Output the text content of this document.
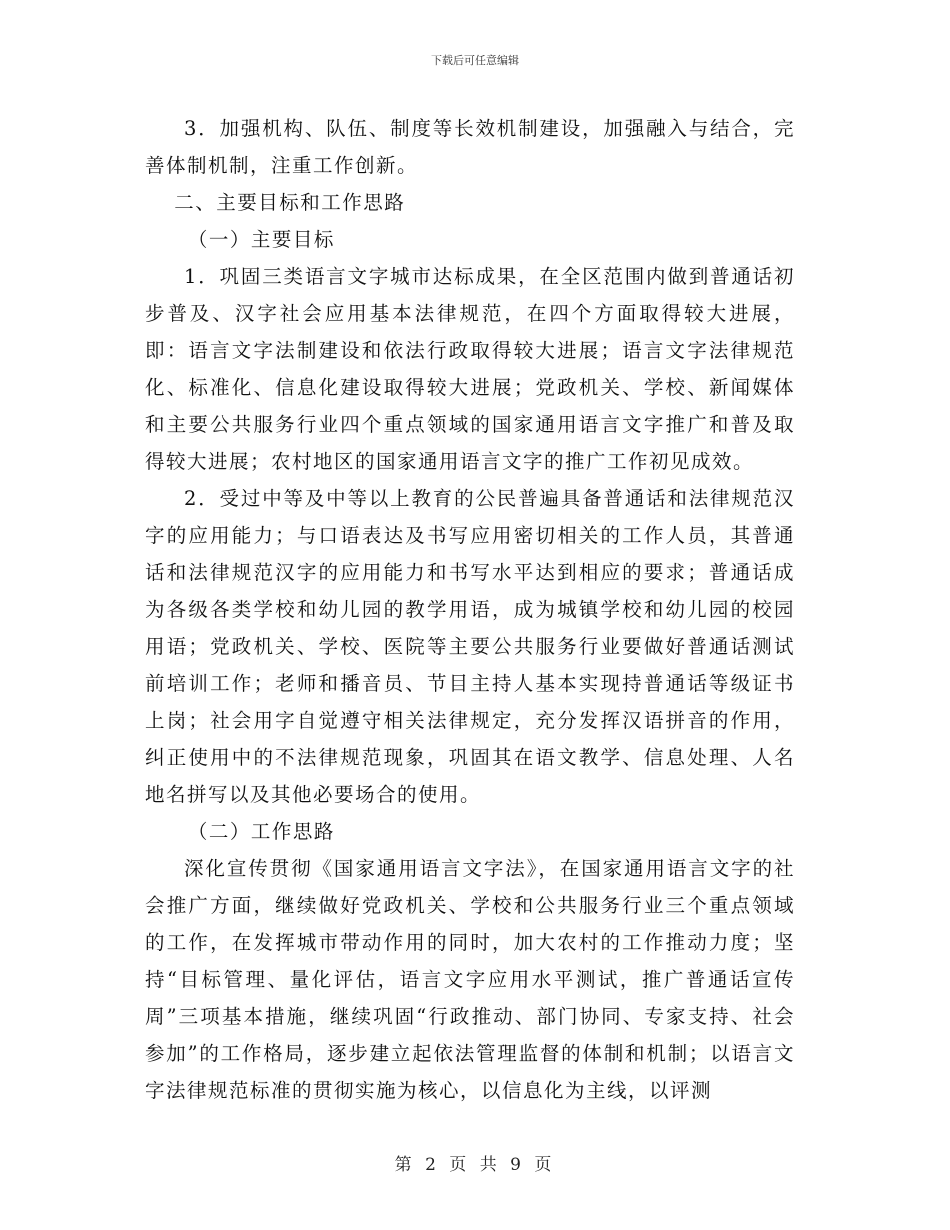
下载后可任意编辑

3．加强机构、队伍、制度等长效机制建设，加强融入与结合，完善体制机制，注重工作创新。

二、主要目标和工作思路

（一）主要目标

1．巩固三类语言文字城市达标成果，在全区范围内做到普通话初步普及、汉字社会应用基本法律规范，在四个方面取得较大进展，即：语言文字法制建设和依法行政取得较大进展；语言文字法律规范化、标准化、信息化建设取得较大进展；党政机关、学校、新闻媒体和主要公共服务行业四个重点领域的国家通用语言文字推广和普及取得较大进展；农村地区的国家通用语言文字的推广工作初见成效。

2．受过中等及中等以上教育的公民普遍具备普通话和法律规范汉字的应用能力；与口语表达及书写应用密切相关的工作人员，其普通话和法律规范汉字的应用能力和书写水平达到相应的要求；普通话成为各级各类学校和幼儿园的教学用语，成为城镇学校和幼儿园的校园用语；党政机关、学校、医院等主要公共服务行业要做好普通话测试前培训工作；老师和播音员、节目主持人基本实现持普通话等级证书上岗；社会用字自觉遵守相关法律规定，充分发挥汉语拼音的作用，纠正使用中的不法律规范现象，巩固其在语文教学、信息处理、人名地名拼写以及其他必要场合的使用。

（二）工作思路

深化宣传贯彻《国家通用语言文字法》，在国家通用语言文字的社会推广方面，继续做好党政机关、学校和公共服务行业三个重点领域的工作，在发挥城市带动作用的同时，加大农村的工作推动力度；坚持“目标管理、量化评估，语言文字应用水平测试，推广普通话宣传周”三项基本措施，继续巩固“行政推动、部门协同、专家支持、社会参加”的工作格局，逐步建立起依法管理监督的体制和机制；以语言文字法律规范标准的贯彻实施为核心，以信息化为主线，以评测

第 2 页 共 9 页
